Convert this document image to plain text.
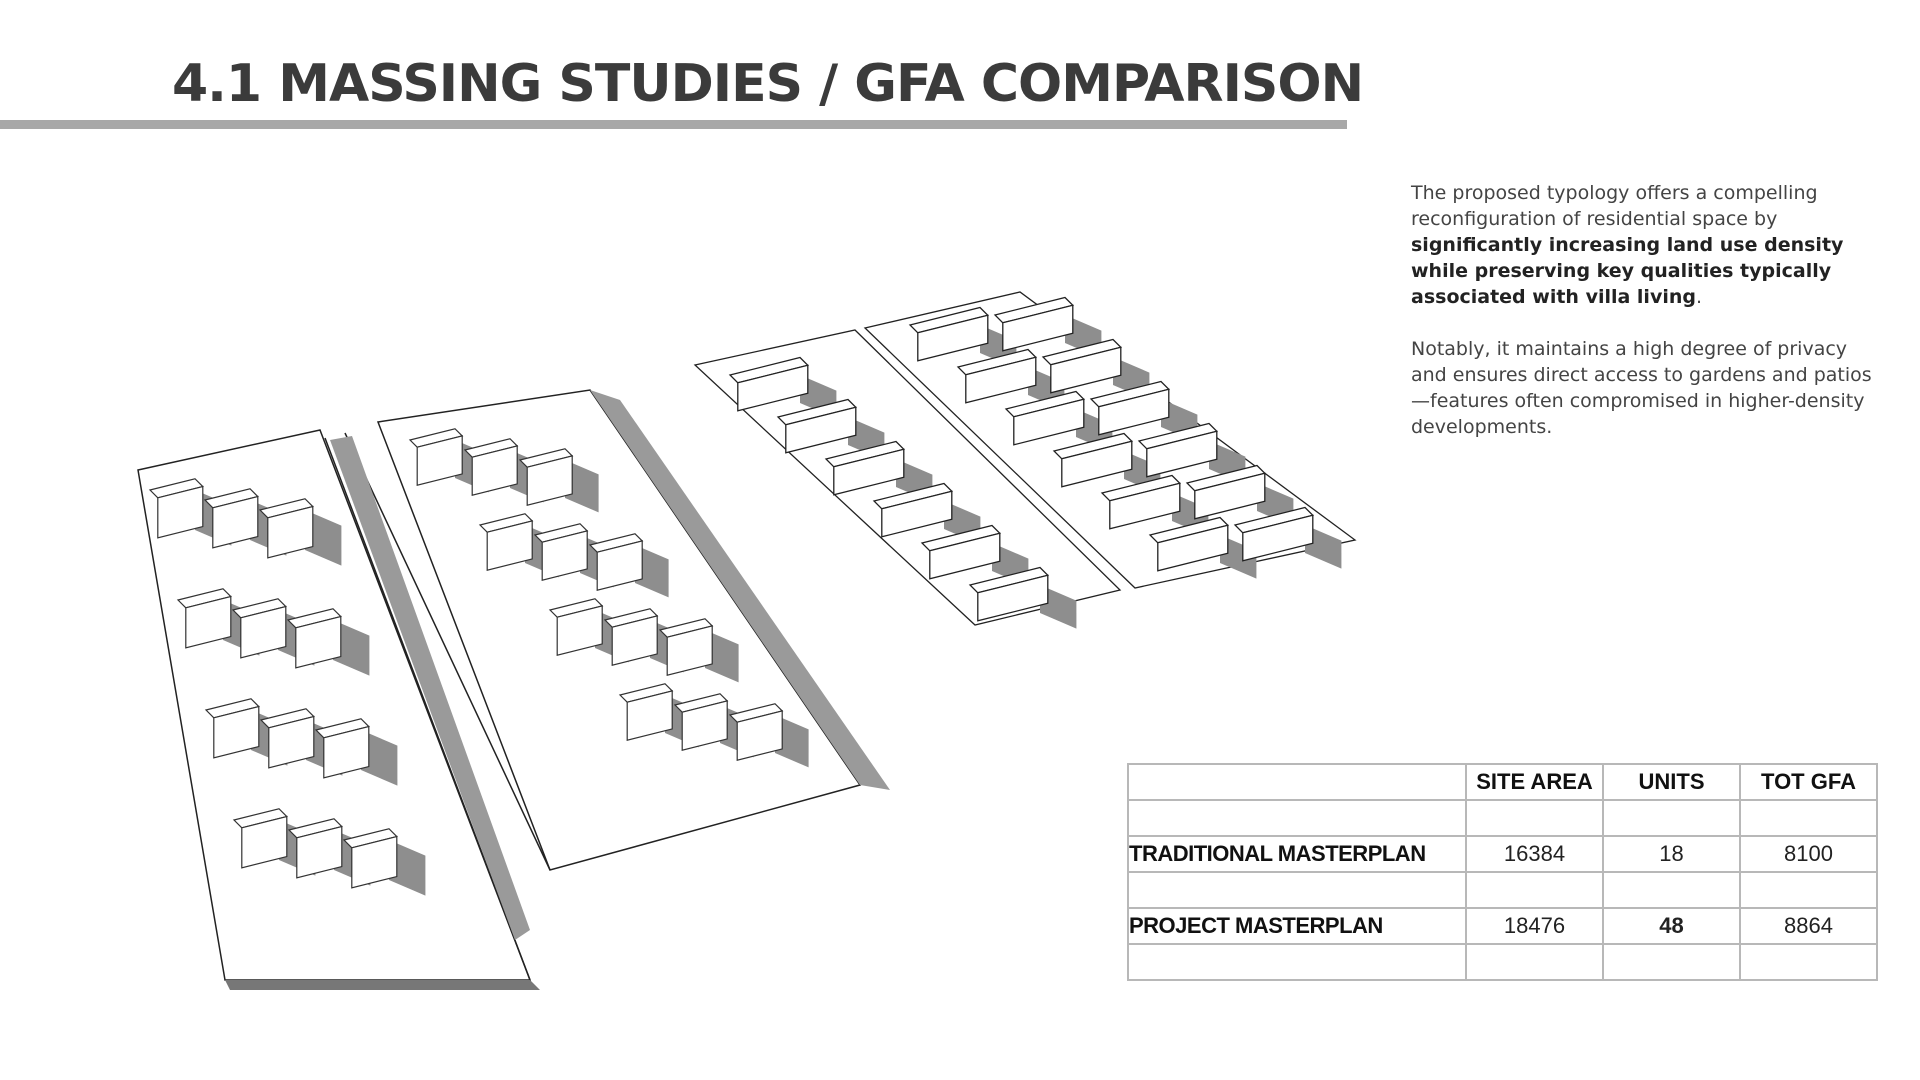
4.1 MASSING STUDIES / GFA COMPARISON

The proposed typology offers a compelling reconfiguration of residential space by significantly increasing land use density while preserving key qualities typically associated with villa living.

Notably, it maintains a high degree of privacy and ensures direct access to gardens and patios—features often compromised in higher-density developments.

	SITE AREA	UNITS	TOT GFA

TRADITIONAL MASTERPLAN	16384	18	8100

PROJECT MASTERPLAN	18476	48	8864
